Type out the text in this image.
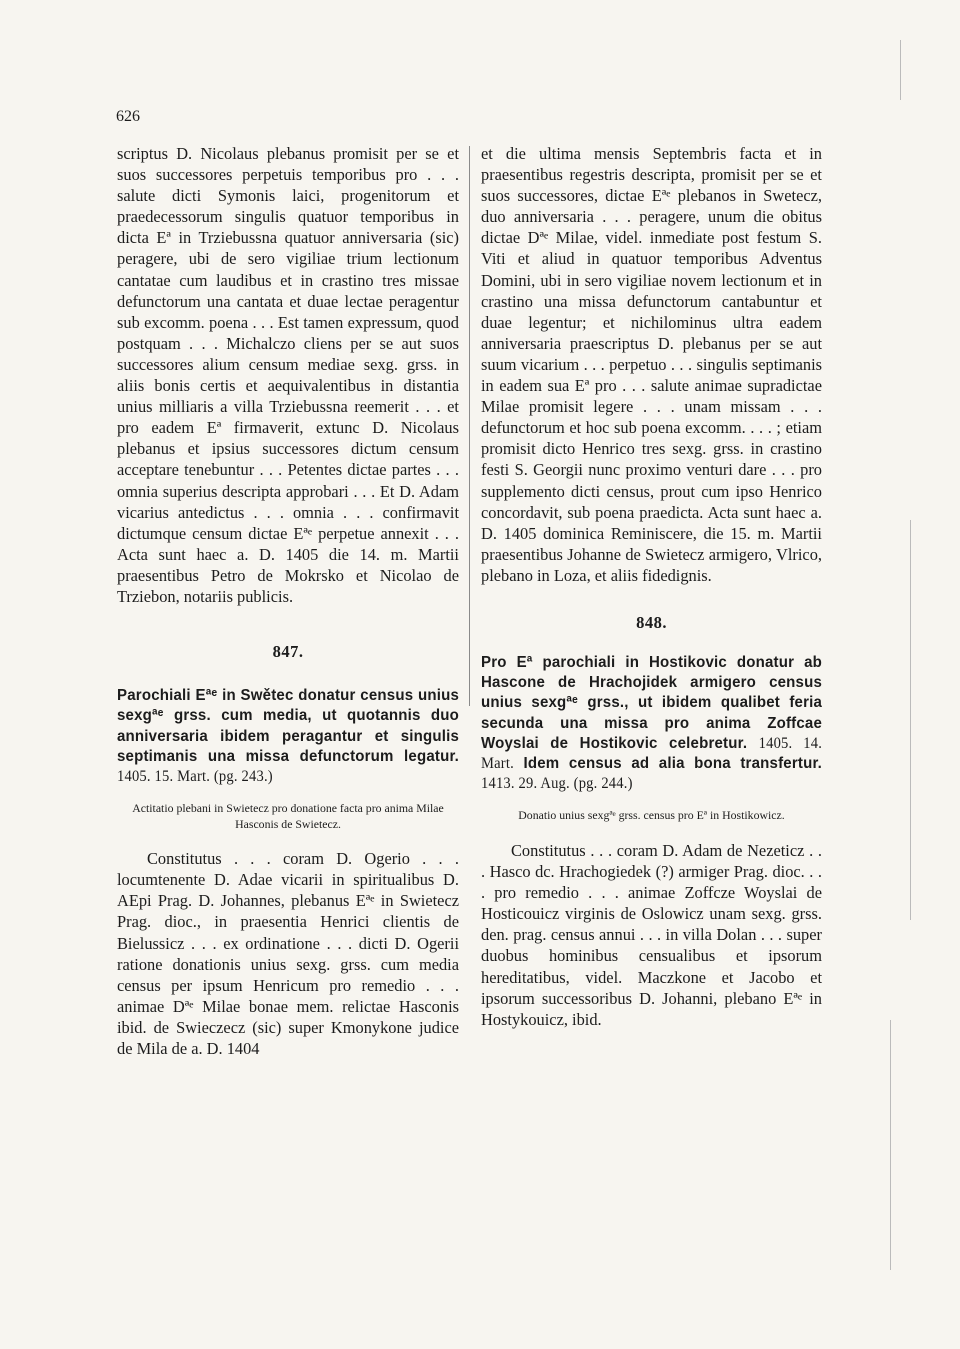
626

scriptus D. Nicolaus plebanus promisit per se et suos successores perpetuis temporibus pro . . . salute dicti Symonis laici, progenitorum et praedecessorum singulis quatuor temporibus in dicta Eª in Trziebussna quatuor anniversaria (sic) peragere, ubi de sero vigiliae trium lectionum cantatae cum laudibus et in crastino tres missae defunctorum una cantata et duae lectae peragentur sub excomm. poena . . . Est tamen expressum, quod postquam . . . Michalczo cliens per se aut suos successores alium censum mediae sexg. grss. in aliis bonis certis et aequivalentibus in distantia unius milliaris a villa Trziebussna reemerit . . . et pro eadem Eª firmaverit, extunc D. Nicolaus plebanus et ipsius successores dictum censum acceptare tenebuntur . . . Petentes dictae partes . . . omnia superius descripta approbari . . . Et D. Adam vicarius antedictus . . . omnia . . . confirmavit dictumque censum dictae Eªᵉ perpetue annexit . . . Acta sunt haec a. D. 1405 die 14. m. Martii praesentibus Petro de Mokrsko et Nicolao de Trziebon, notariis publicis.

847.
Parochiali Eªᵉ in Swětec donatur census unius sexgªᵉ grss. cum media, ut quotannis duo anniversaria ibidem peragantur et singulis septimanis una missa defunctorum legatur. 1405. 15. Mart. (pg. 243.)
Actitatio plebani in Swietecz pro donatione facta pro anima Milae Hasconis de Swietecz.

Constitutus . . . coram D. Ogerio . . . locumtenente D. Adae vicarii in spiritualibus D. AEpi Prag. D. Johannes, plebanus Eªᵉ in Swietecz Prag. dioc., in praesentia Henrici clientis de Bielussicz . . . ex ordinatione . . . dicti D. Ogerii ratione donationis unius sexg. grss. cum media census per ipsum Henricum pro remedio . . . animae Dªᵉ Milae bonae mem. relictae Hasconis ibid. de Swieczecz (sic) super Kmonykone judice de Mila de a. D. 1404

et die ultima mensis Septembris facta et in praesentibus regestris descripta, promisit per se et suos successores, dictae Eªᵉ plebanos in Swetecz, duo anniversaria . . . peragere, unum die obitus dictae Dªᵉ Milae, videl. inmediate post festum S. Viti et aliud in quatuor temporibus Adventus Domini, ubi in sero vigiliae novem lectionum et in crastino una missa defunctorum cantabuntur et duae legentur; et nichilominus ultra eadem anniversaria praescriptus D. plebanus per se aut suum vicarium . . . perpetuo . . . singulis septimanis in eadem sua Eª pro . . . salute animae supradictae Milae promisit legere . . . unam missam . . . defunctorum et hoc sub poena excomm. . . . ; etiam promisit dicto Henrico tres sexg. grss. in crastino festi S. Georgii nunc proximo venturi dare . . . pro supplemento dicti census, prout cum ipso Henrico concordavit, sub poena praedicta. Acta sunt haec a. D. 1405 dominica Reminiscere, die 15. m. Martii praesentibus Johanne de Swietecz armigero, Vlrico, plebano in Loza, et aliis fidedignis.

848.
Pro Eª parochiali in Hostikovic donatur ab Hascone de Hrachojidek armigero census unius sexgªᵉ grss., ut ibidem qualibet feria secunda una missa pro anima Zoffcae Woyslai de Hostikovic celebretur. 1405. 14. Mart. Idem census ad alia bona transfertur. 1413. 29. Aug. (pg. 244.)
Donatio unius sexgªᵉ grss. census pro Eª in Hostikowicz.

Constitutus . . . coram D. Adam de Nezeticz . . . Hasco dc. Hrachogiedek (?) armiger Prag. dioc. . . . pro remedio . . . animae Zoffcze Woyslai de Hosticouicz virginis de Oslowicz unam sexg. grss. den. prag. census annui . . . in villa Dolan . . . super duobus hominibus censualibus et ipsorum hereditatibus, videl. Maczkone et Jacobo et ipsorum successoribus D. Johanni, plebano Eªᵉ in Hostykouicz, ibid.
